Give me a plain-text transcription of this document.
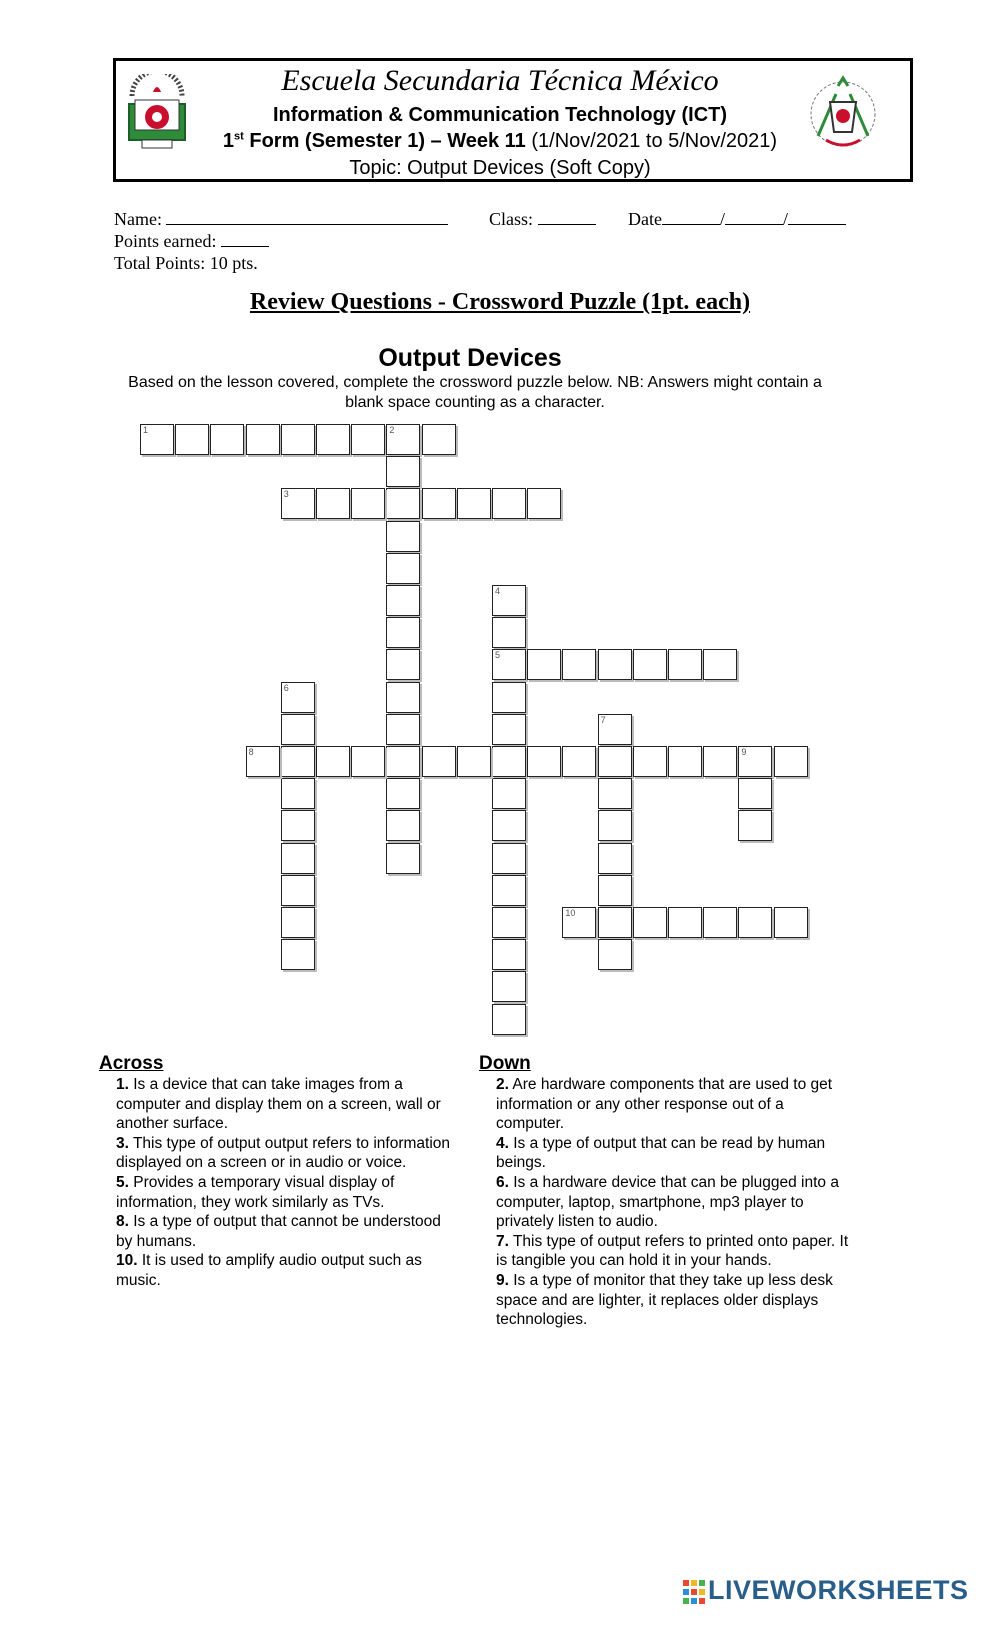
Escuela Secundaria Técnica México
Information & Communication Technology (ICT)
1st Form (Semester 1) – Week 11 (1/Nov/2021 to 5/Nov/2021)
Topic: Output Devices (Soft Copy)
Name:	Class:	Date	/	/
Points earned:
Total Points: 10 pts.
Review Questions - Crossword Puzzle (1pt. each)
Output Devices
Based on the lesson covered, complete the crossword puzzle below. NB: Answers might contain a blank space counting as a character.
1	2
3
4
5
6
7
8	9
10
Across
1. Is a device that can take images from a computer and display them on a screen, wall or another surface.
3. This type of output output refers to information displayed on a screen or in audio or voice.
5. Provides a temporary visual display of information, they work similarly as TVs.
8. Is a type of output that cannot be understood by humans.
10. It is used to amplify audio output such as music.
Down
2. Are hardware components that are used to get information or any other response out of a computer.
4. Is a type of output that can be read by human beings.
6. Is a hardware device that can be plugged into a computer, laptop, smartphone, mp3 player to privately listen to audio.
7. This type of output refers to printed onto paper. It is tangible you can hold it in your hands.
9. Is a type of monitor that they take up less desk space and are lighter, it replaces older displays technologies.
LIVEWORKSHEETS
